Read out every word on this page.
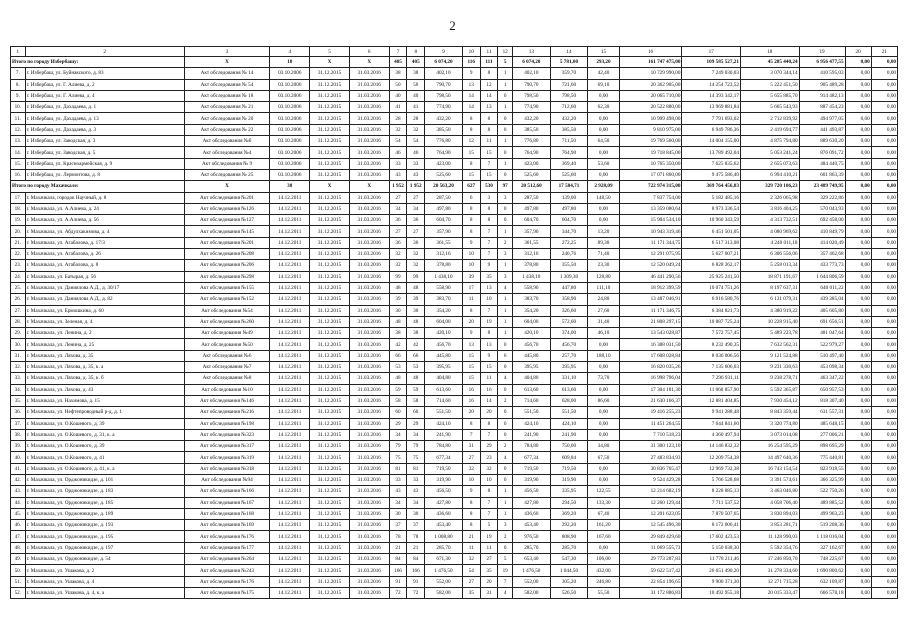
2
1	2	3	4	5	6	7	8	9	10	11	12	13	14	15	16	17	18	19	20	21
Итого по городу Избербашу:		X	10	X	X	405	405	6 074,20	116	111	5	6 074,20	5 781,00	293,20	161 747 475,00	109 585 527,21	45 285 440,24	6 956 477,55	0,00	0,00
7.	г. Избербаш, ул. Буйнакского, д. 83	Акт обследования № 14	03.10.2006	31.12.2015	31.03.2016	38	38	402,10	9	8	1	402,10	359,70	42,40	10 729 990,00	7 249 030,03	3 070 344,14	410 595,03	0,00	0,00
8.	г. Избербаш, ул. Г. Алиева, д. 2	Акт обследования № 54	03.10.2006	31.12.2015	31.03.2016	50	50	790,70	13	12	1	790,70	721,60	69,10	20 362 905,00	14 254 723,52	5 222 451,50	905 489,28	0,00	0,00
9.	г. Избербаш, ул. Г. Алиева, д. 4	Акт обследования № 18	03.10.2006	31.12.2015	31.03.2016	40	40	798,50	14	14	0	798,50	798,50	0,00	20 065 710,00	14 393 342,17	5 655 885,70	914 482,13	0,00	0,00
10.	г. Избербаш, ул. Дахадаева, д. 1	Акт обследования № 21	03.10.2006	31.12.2015	31.03.2016	41	41	774,90	14	13	1	774,90	712,60	62,30	20 522 880,00	13 969 881,84	5 665 543,93	887 454,23	0,00	0,00
11.	г. Избербаш, ул. Дахадаева, д. 13	Акт обследования № 20	03.10.2006	31.12.2015	31.03.2016	28	28	432,20	8	8	0	432,20	432,20	0,00	10 999 498,00	7 791 693,02	2 712 839,92	494 977,05	0,00	0,00
12.	г. Избербаш, ул. Дахадаева, д. 3	Акт обследования № 22	03.10.2006	31.12.2015	31.03.2016	32	32	385,50	8	8	0	385,50	385,50	0,00	9 810 975,00	6 949 786,36	2 419 694,77	441 493,87	0,00	0,00
13.	г. Избербаш, ул. Заводская, д. 3	Акт обследования №б	03.10.2006	31.12.2015	31.03.2016	54	54	776,80	12	11	1	776,80	711,50	64,50	19 769 560,00	14 004 155,00	4 875 794,80	889 630,20	0,00	0,00
14.	г. Избербаш, ул. Заводская, д. 5	Акт обследования №4	03.10.2006	31.12.2015	31.03.2016	46	46	764,90	15	15	0	764,90	764,90	0,00	19 718 845,00	13 789 492,04	5 053 241,24	876 091,72	0,00	0,00
15.	г. Избербаш, ул. Красноармейская, д. 9	Акт обследования № 9	03.10.2006	31.12.2015	31.03.2016	33	33	423,00	8	7	1	423,00	369,40	53,60	10 765 350,00	7 625 835,62	2 655 073,63	484 440,75	0,00	0,00
16.	г. Избербаш, ул. Лермонтова, д. 8	Акт обследования № 25	03.10.2006	31.12.2015	31.03.2016	43	43	525,60	15	15	0	525,60	525,60	0,00	17 071 860,00	9 475 586,40	6 994 410,21	601 863,39	0,00	0,00
Итого по городу Махачкале:		X	38	X	X	1 952	1 952	20 563,20	627	530	97	20 512,60	17 584,71	2 928,09	722 974 315,00	369 764 456,83	329 720 106,23	23 489 749,95	0,00	0,00
17.	г. Махачкала, городок Научный, д. 8	Акт обследования №201	14.12.2011	31.12.2015	31.03.2016	27	27	287,50	6	3	3	287,50	139,00	148,50	7 837 754,00	5 182 485,16	2 326 065,98	329 222,86	0,00	0,00
18.	г. Махачкала, ул. А.Алиева, д. 24	Акт обследования №126	14.12.2011	31.12.2015	31.03.2016	34	34	497,80	8	8	0	497,80	497,80	0,00	13 359 080,64	8 973 336,54	3 816 404,25	570 043,93	0,00	0,00
19.	г. Махачкала, ул. А.Алиева, д. 56	Акт обследования №127	14.12.2011	31.12.2015	31.03.2016	36	36	604,70	8	8	0	604,70	604,70	0,00	15 904 534,10	10 960 343,59	4 313 732,51	692 458,00	0,00	0,00
20.	г. Махачкала, ул. Абдулхакимова, д. 4	Акт обследования №145	14.12.2011	31.12.2015	31.03.2016	27	27	357,90	8	7	1	357,90	344,70	13,20	10 943 319,46	6 451 501,05	4 080 969,62	410 849,79	0,00	0,00
21.	г. Махачкала, ул. Агабалова, д. 17/3	Акт обследования №201	14.12.2011	31.12.2015	31.03.2016	36	36	361,55	9	7	2	361,55	272,25	89,30	11 171 344,75	6 517 313,08	4 240 011,18	414 020,49	0,00	0,00
22.	г. Махачкала, ул. Агабалова, д. 26	Акт обследования №208	14.12.2011	31.12.2015	31.03.2016	32	32	312,16	10	7	3	312,16	240,76	71,40	12 291 075,95	5 627 007,21	6 306 556,06	357 462,68	0,00	0,00
23.	г. Махачкала, ул. Агабалова, д. 8	Акт обследования №206	14.12.2011	31.12.2015	31.03.2016	32	32	378,80	10	9	1	378,80	355,50	23,30	12 520 049,24	6 828 262,17	5 258 013,34	433 773,73	0,00	0,00
24.	г. Махачкала, ул. Батырая, д. 56	Акт обследования №298	14.12.2011	31.12.2015	31.03.2016	99	99	1 438,10	39	35	3	1 438,10	1 309,30	128,80	46 441 290,56	25 925 241,50	18 871 191,67	1 644 806,59	0,00	0,00
25.	г. Махачкала, ул. Даниялова А.Д., д. 30/17	Акт обследования №155	14.12.2011	31.12.2015	31.03.2016	48	48	558,90	17	13	4	558,90	447,80	111,10	18 912 399,59	10 074 751,26	8 197 637,31	640 011,22	0,00	0,00
26.	г. Махачкала, ул. Даниялова А.Д., д. 82	Акт обследования №152	14.12.2011	31.12.2015	31.03.2016	39	39	383,70	11	10	1	383,70	358,90	24,80	13 487 046,91	6 916 580,76	6 131 079,31	439 385,04	0,00	0,00
27.	г. Махачкала, ул. Ермошкина, д. 60	Акт обследования №54	14.12.2011	31.12.2015	31.03.2016	30	30	354,20	8	7	1	354,20	326,60	27,60	11 171 346,75	6 384 821,73	4 380 919,22	405 605,80	0,00	0,00
28.	г. Махачкала, ул. Зеленая, д. 4	Акт обследования №260	14.12.2011	31.12.2015	31.03.2016	48	48	604,00	20	19	1	604,00	572,60	31,40	21 808 297,15	10 887 725,24	10 228 915,40	691 656,51	0,00	0,00
29.	г. Махачкала, ул. Ленина, д. 2	Акт обследования №49	14.12.2011	31.12.2015	31.03.2016	38	38	420,10	9	8	1	420,10	374,00	46,10	13 543 028,87	7 572 757,45	5 489 223,78	481 047,64	0,00	0,00
30.	г. Махачкала, ул. Ленина, д. 25	Акт обследования №50	14.12.2011	31.12.2015	31.03.2016	42	42	456,70	13	13	0	456,70	456,70	0,00	16 388 031,50	8 232 490,35	7 632 562,31	522 979,27	0,00	0,00
31.	г. Махачкала, ул. Ляхова, д. 35	Акт обследования №6	14.12.2011	31.12.2015	31.03.2016	66	66	445,80	15	9	6	445,80	257,70	188,10	17 608 028,84	8 036 006,56	9 121 524,88	510 497,40	0,00	0,00
32.	г. Махачкала, ул. Ляхова, д. 35, к. а	Акт обследования №7	14.12.2011	31.12.2015	31.03.2016	53	53	395,95	15	15	0	395,95	395,95	0,00	16 820 035,26	7 135 606,03	9 231 330,63	453 098,34	0,00	0,00
33.	г. Махачкала, ул. Ляхова, д. 35, к. б	Акт обследования №8	14.12.2011	31.12.2015	31.03.2016	48	48	404,80	15	11	4	404,80	331,10	73,70	16 998 796,04	7 296 931,11	9 238 278,71	463 347,22	0,00	0,00
34.	г. Махачкала, ул. Ляхова, д. 43	Акт обследования №10	14.12.2011	31.12.2015	31.03.2016	59	59	613,60	16	16	0	613,60	613,60	0,00	17 304 181,30	11 060 857,90	5 592 365,87	650 957,53	0,00	0,00
35.	г. Махачкала, ул. Нахимова, д. 15	Акт обследования №146	14.12.2011	31.12.2015	31.03.2016	58	58	714,60	16	14	2	714,60	628,00	86,60	21 630 166,37	12 881 404,85	7 930 454,12	818 307,40	0,00	0,00
36.	г. Махачкала, ул. Нефтепроводный р-д, д. 1	Акт обследования №216	14.12.2011	31.12.2015	31.03.2016	60	60	551,50	20	20	0	551,50	551,50	0,00	19 416 255,23	9 941 288,48	8 843 359,44	631 557,31	0,00	0,00
37.	г. Махачкала, ул. О.Кошевого, д. 39	Акт обследования №198	14.12.2011	31.12.2015	31.03.2016	29	29	424,10	8	8	0	424,10	424,10	0,00	11 451 264,55	7 644 841,60	3 320 774,80	485 648,15	0,00	0,00
38.	г. Махачкала, ул. О.Кошевого, д. 31, к. а	Акт обследования №323	14.12.2011	31.12.2015	31.03.2016	34	34	241,90	7	7	0	241,90	241,90	0,00	7 710 518,23	4 360 497,94	3 073 014,08	277 006,21	0,00	0,00
39.	г. Махачкала, ул. О.Кошевого, д. 39	Акт обследования №317	14.12.2011	31.12.2015	31.03.2016	79	79	784,80	31	29	2	784,80	750,00	34,80	31 300 123,10	14 146 832,32	16 254 595,29	898 695,29	0,00	0,00
40.	г. Махачкала, ул. О.Кошевого, д. 41	Акт обследования №319	14.12.2011	31.12.2015	31.03.2016	75	75	677,34	27	23	4	677,34	609,84	67,50	27 483 834,93	12 209 754,38	14 497 640,36	775 440,81	0,00	0,00
41.	г. Махачкала, ул. О.Кошевого, д. 41, к. а	Акт обследования №318	14.12.2011	31.12.2015	31.03.2016	81	81	719,50	32	32	0	719,50	719,50	0,00	30 836 765,47	12 969 732,38	16 743 154,54	823 918,55	0,00	0,00
42.	г. Махачкала, ул. Орджоникидзе, д. 101	Акт обследования №94	14.12.2011	31.12.2015	31.03.2016	33	33	319,90	10	10	0	319,90	319,90	0,00	9 524 429,28	5 766 528,68	3 391 574,61	366 325,99	0,00	0,00
43.	г. Махачкала, ул. Орджоникидзе, д. 183	Акт обследования №166	14.12.2011	31.12.2015	31.03.2016	43	43	456,50	9	8	1	456,50	335,95	122,55	12 214 682,19	8 228 885,13	3 463 046,80	522 750,26	0,00	0,00
44.	г. Махачкала, ул. Орджоникидзе, д. 185	Акт обследования №167	14.12.2011	31.12.2015	31.03.2016	34	34	427,80	8	7	1	427,80	294,50	133,30	12 260 129,44	7 711 537,52	4 058 706,40	489 885,52	0,00	0,00
45.	г. Махачкала, ул. Орджоникидзе, д. 189	Акт обследования №168	14.12.2011	31.12.2015	31.03.2016	30	30	436,60	8	7	1	436,60	369,20	67,40	12 201 623,05	7 870 507,65	3 830 894,03	499 963,23	0,00	0,00
46.	г. Махачкала, ул. Орджоникидзе, д. 193	Акт обследования №169	14.12.2011	31.12.2015	31.03.2016	37	37	453,40	8	5	3	453,40	292,20	161,20	12 545 496,30	8 172 006,41	3 853 281,71	519 208,36	0,00	0,00
47.	г. Махачкала, ул. Орджоникидзе, д. 195	Акт обследования №176	14.12.2011	31.12.2015	31.03.2016	78	78	1 008,80	21	19	2	976,50	808,90	167,60	29 849 429,60	17 602 423,53	11 128 990,03	1 118 016,04	0,00	0,00
48.	г. Махачкала, ул. Орджоникидзе, д. 197	Акт обследования №177	14.12.2011	31.12.2015	31.03.2016	21	21	285,70	11	11	0	285,70	285,70	0,00	11 069 555,73	5 150 038,30	5 592 354,76	327 162,67	0,00	0,00
49.	г. Махачкала, ул. Орджоникидзе, д. 54	Акт обследования №264	14.12.2011	31.12.2015	31.03.2016	84	84	671,30	32	27	5	653,40	547,30	106,00	29 773 287,83	11 778 211,46	17 246 850,70	748 225,67	0,00	0,00
50.	г. Махачкала, ул. Ушакова, д. 2	Акт обследования №243	14.12.2011	31.12.2015	31.03.2016	166	166	1 476,50	54	35	19	1 476,50	1 044,50	432,00	59 622 517,42	26 651 490,20	31 278 334,60	1 690 800,62	0,00	0,00
51.	г. Махачкала, ул. Ушакова, д. 4	Акт обследования №176	14.12.2011	31.12.2015	31.03.2016	91	91	552,00	27	20	7	552,00	305,20	246,80	22 854 196,65	9 900 371,30	12 271 715,28	632 109,87	0,00	0,00
52.	г. Махачкала, ул. Ушакова, д. 4, к. а	Акт обследования №175	14.12.2011	31.12.2015	31.03.2016	72	72	582,00	35	31	4	582,00	526,50	55,50	31 172 886,83	10 492 955,18	20 015 333,47	666 578,18	0,00	0,00
